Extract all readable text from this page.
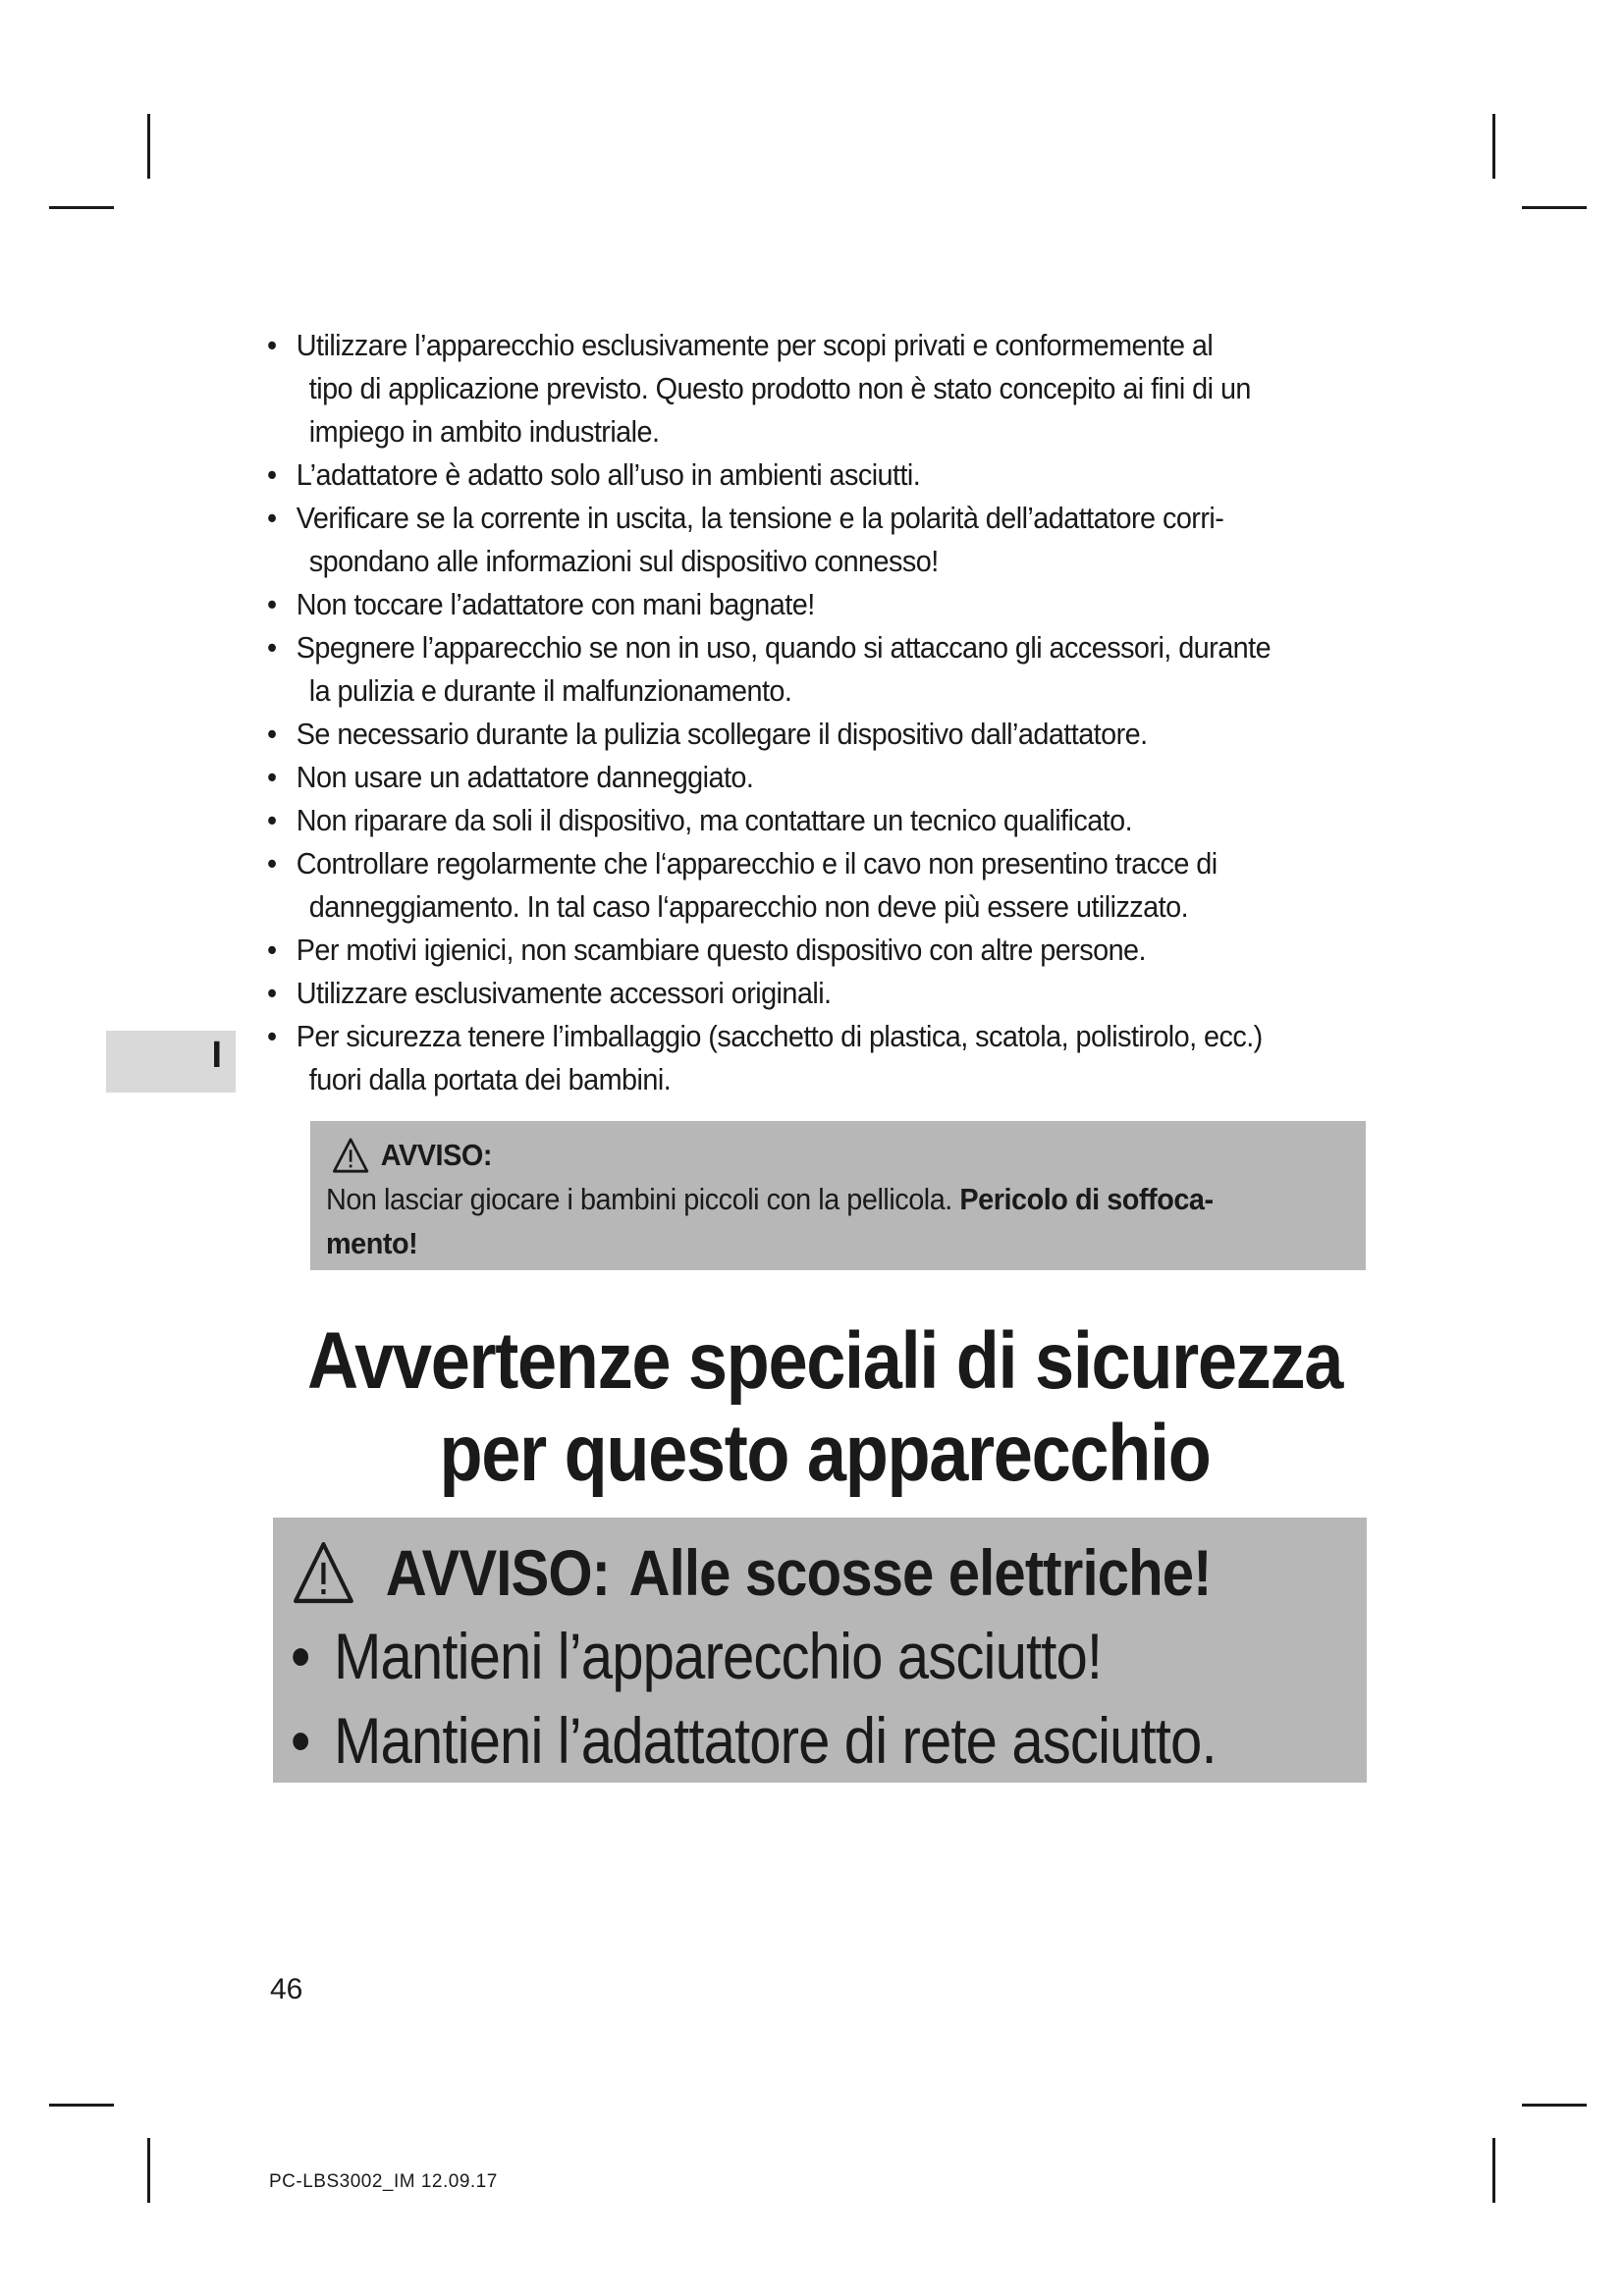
I
• Utilizzare l’apparecchio esclusivamente per scopi privati e conformemente al
tipo di applicazione previsto. Questo prodotto non è stato concepito ai fini di un
impiego in ambito industriale.
• L’adattatore è adatto solo all’uso in ambienti asciutti.
• Verificare se la corrente in uscita, la tensione e la polarità dell’adattatore corri-
spondano alle informazioni sul dispositivo connesso!
• Non toccare l’adattatore con mani bagnate!
• Spegnere l’apparecchio se non in uso, quando si attaccano gli accessori, durante
la pulizia e durante il malfunzionamento.
• Se necessario durante la pulizia scollegare il dispositivo dall’adattatore.
• Non usare un adattatore danneggiato.
• Non riparare da soli il dispositivo, ma contattare un tecnico qualificato.
• Controllare regolarmente che l‘apparecchio e il cavo non presentino tracce di
danneggiamento. In tal caso l‘apparecchio non deve più essere utilizzato.
• Per motivi igienici, non scambiare questo dispositivo con altre persone.
• Utilizzare esclusivamente accessori originali.
• Per sicurezza tenere l’imballaggio (sacchetto di plastica, scatola, polistirolo, ecc.)
fuori dalla portata dei bambini.
AVVISO:
Non lasciar giocare i bambini piccoli con la pellicola. Pericolo di soffoca-
mento!
Avvertenze speciali di sicurezza
per questo apparecchio
AVVISO: Alle scosse elettriche!
• Mantieni l’apparecchio asciutto!
• Mantieni l’adattatore di rete asciutto.
46
PC-LBS3002_IM 12.09.17
